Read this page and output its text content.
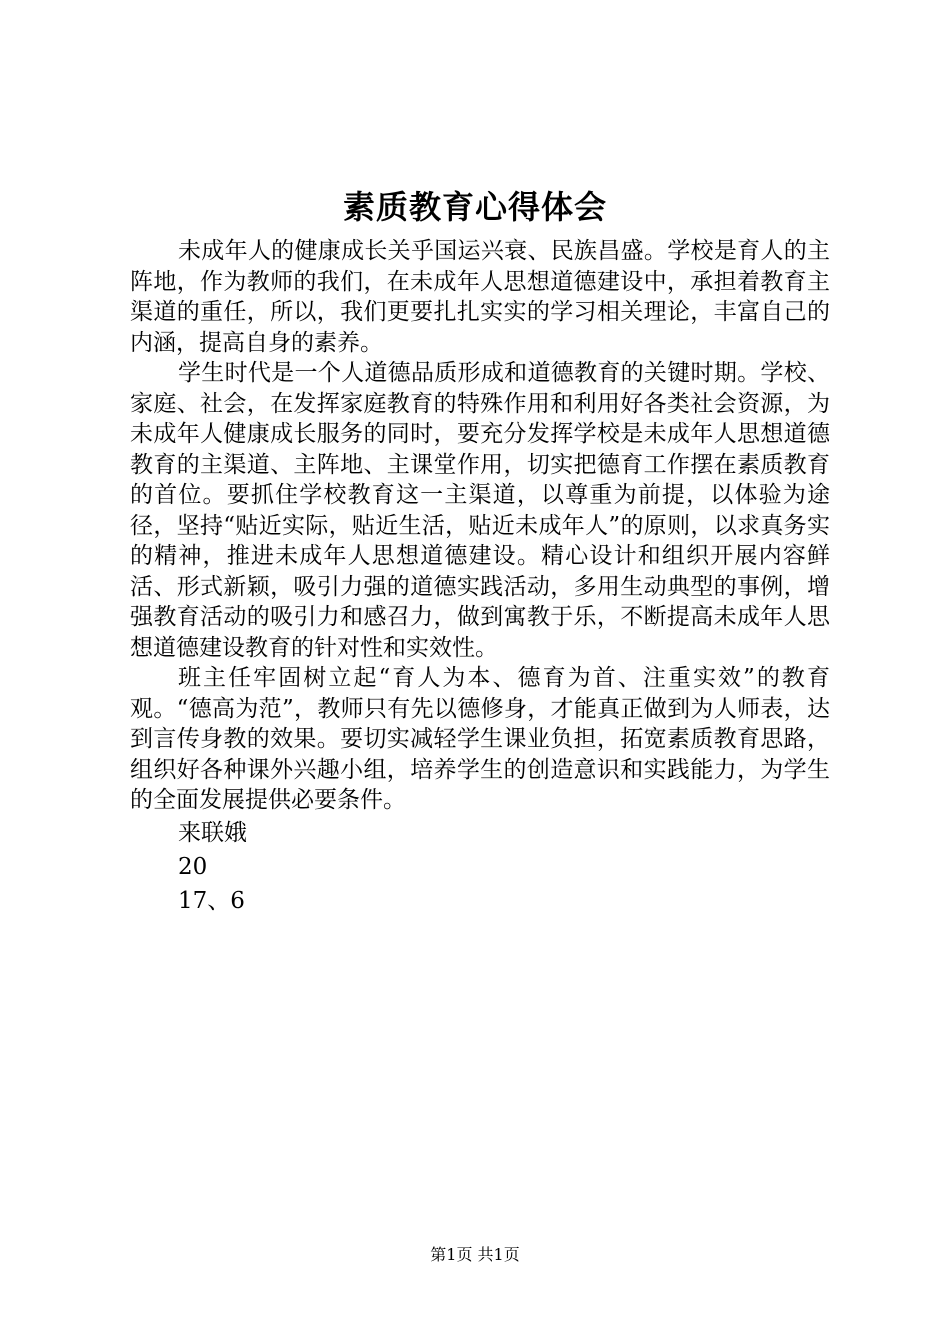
素质教育心得体会

未成年人的健康成长关乎国运兴衰、民族昌盛。学校是育人的主阵地，作为教师的我们，在未成年人思想道德建设中，承担着教育主渠道的重任，所以，我们更要扎扎实实的学习相关理论，丰富自己的内涵，提高自身的素养。

学生时代是一个人道德品质形成和道德教育的关键时期。学校、家庭、社会，在发挥家庭教育的特殊作用和利用好各类社会资源，为未成年人健康成长服务的同时，要充分发挥学校是未成年人思想道德教育的主渠道、主阵地、主课堂作用，切实把德育工作摆在素质教育的首位。要抓住学校教育这一主渠道，以尊重为前提，以体验为途径，坚持“贴近实际，贴近生活，贴近未成年人”的原则，以求真务实的精神，推进未成年人思想道德建设。精心设计和组织开展内容鲜活、形式新颖，吸引力强的道德实践活动，多用生动典型的事例，增强教育活动的吸引力和感召力，做到寓教于乐，不断提高未成年人思想道德建设教育的针对性和实效性。

班主任牢固树立起“育人为本、德育为首、注重实效”的教育观。“德高为范”，教师只有先以德修身，才能真正做到为人师表，达到言传身教的效果。要切实减轻学生课业负担，拓宽素质教育思路，组织好各种课外兴趣小组，培养学生的创造意识和实践能力，为学生的全面发展提供必要条件。

来联娥

20

17、6

第1页 共1页
